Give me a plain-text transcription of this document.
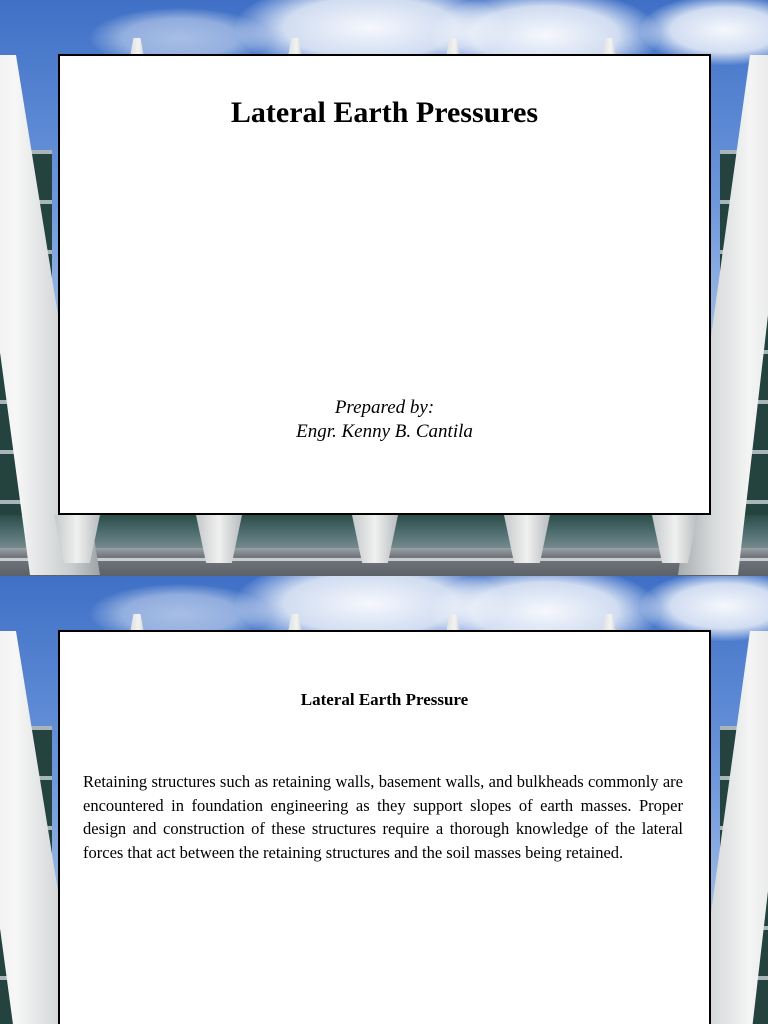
Lateral Earth Pressures
Prepared by:
Engr. Kenny B. Cantila
Lateral Earth Pressure

Retaining structures such as retaining walls, basement walls, and bulkheads commonly are encountered in foundation engineering as they support slopes of earth masses. Proper design and construction of these structures require a thorough knowledge of the lateral forces that act between the retaining structures and the soil masses being retained.
